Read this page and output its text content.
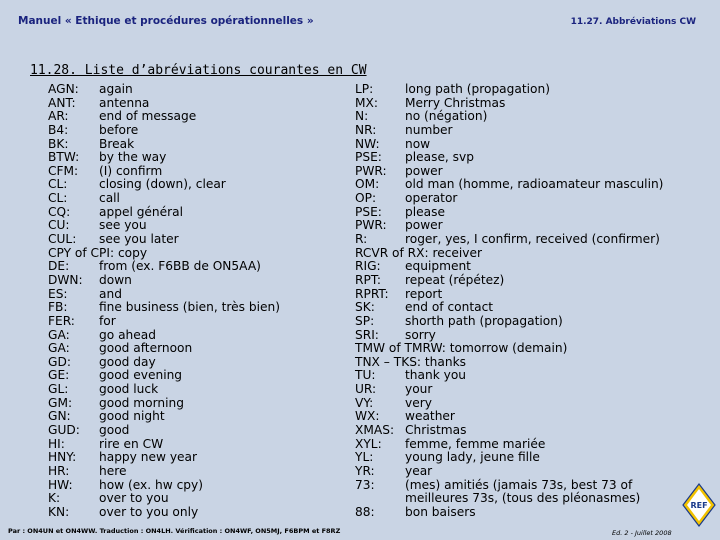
Manuel « Ethique et procédures opérationnelles »	11.27. Abbréviations CW
11.28. Liste d’abréviations courantes en CW
AGN: again
ANT: antenna
AR: end of message
B4:	before
BK:	Break
BTW: by the way
CFM: (I) confirm
CL:	closing (down), clear
CL:	call
CQ: appel général
CU: see you
CUL: see you later
CPY of CPI: copy
DE: from (ex. F6BB de ON5AA)
DWN: down
ES:	and
FB:	fine business (bien, très bien)
FER: for
GA: go ahead
GA: good afternoon
GD: good day
GE: good evening
GL:	good luck
GM: good morning
GN: good night
GUD: good
HI:	rire en CW
HNY: happy new year
HR: here
HW: how (ex. hw cpy)
K:	over to you
KN: over to you only
LP:	long path (propagation)
MX: Merry Christmas
N:	no (négation)
NR: number
NW: now
PSE: please, svp
PWR: power
OM: old man (homme, radioamateur masculin)
OP: operator
PSE: please
PWR: power
R:	roger, yes, I confirm, received (confirmer)
RCVR of RX: receiver
RIG: equipment
RPT: repeat (répétez)
RPRT: report
SK: end of contact
SP:	shorth path (propagation)
SRI: sorry
TMW of TMRW: tomorrow (demain)
TNX – TKS: thanks
TU: thank you
UR: your
VY:	very
WX: weather
XMAS: Christmas
XYL: femme, femme mariée
YL:	young lady, jeune fille
YR: year
73: (mes) amitiés (jamais 73s, best 73 of meilleures 73s, (tous des pléonasmes)
88: bon baisers
Par : ON4UN et ON4WW. Traduction : ON4LH. Vérification : ON4WF, ON5MJ, F6BPM et F8RZ	Ed. 2 - Juillet 2008
REF
